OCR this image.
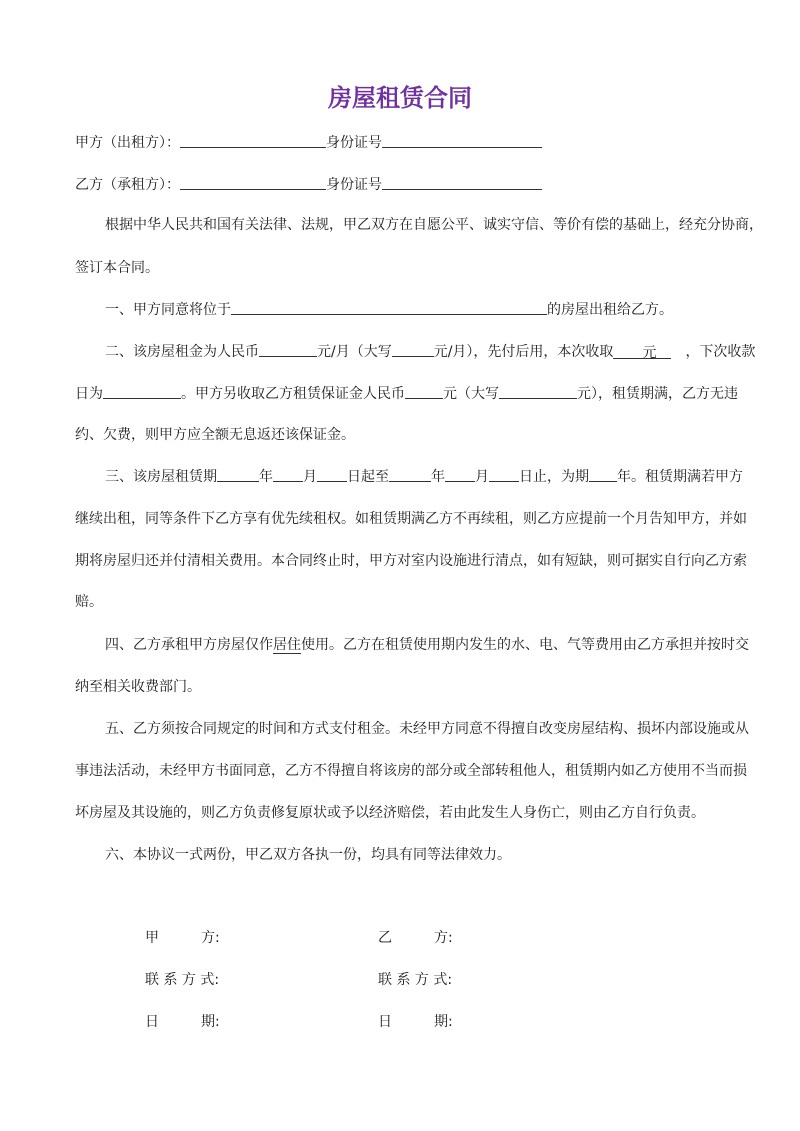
房屋租赁合同
甲方（出租方）：	身份证号
乙方（承租方）：	身份证号
根据中华人民共和国有关法律、法规，甲乙双方在自愿公平、诚实守信、等价有偿的基础上，经充分协商，
签订本合同。
一、甲方同意将位于	的房屋出租给乙方。
二、该房屋租金为人民币	元/月（大写	元/月），先付后用，本次收取 元 ，下次收款
日为	。甲方另收取乙方租赁保证金人民币	元（大写	元），租赁期满，乙方无违
约、欠费，则甲方应全额无息返还该保证金。
三、该房屋租赁期	年 月 日起至	年 月 日止，为期 年。租赁期满若甲方
继续出租，同等条件下乙方享有优先续租权。如租赁期满乙方不再续租，则乙方应提前一个月告知甲方，并如
期将房屋归还并付清相关费用。本合同终止时，甲方对室内设施进行清点，如有短缺，则可据实自行向乙方索
赔。
四、乙方承租甲方房屋仅作居住使用。乙方在租赁使用期内发生的水、电、气等费用由乙方承担并按时交
纳至相关收费部门。
五、乙方须按合同规定的时间和方式支付租金。未经甲方同意不得擅自改变房屋结构、损坏内部设施或从
事违法活动，未经甲方书面同意，乙方不得擅自将该房的部分或全部转租他人，租赁期内如乙方使用不当而损
坏房屋及其设施的，则乙方负责修复原状或予以经济赔偿，若由此发生人身伤亡，则由乙方自行负责。
六、本协议一式两份，甲乙双方各执一份，均具有同等法律效力。
甲　　　方:
联 系 方 式:
日　　　期:
乙　　　方:
联 系 方 式:
日　　　期:
